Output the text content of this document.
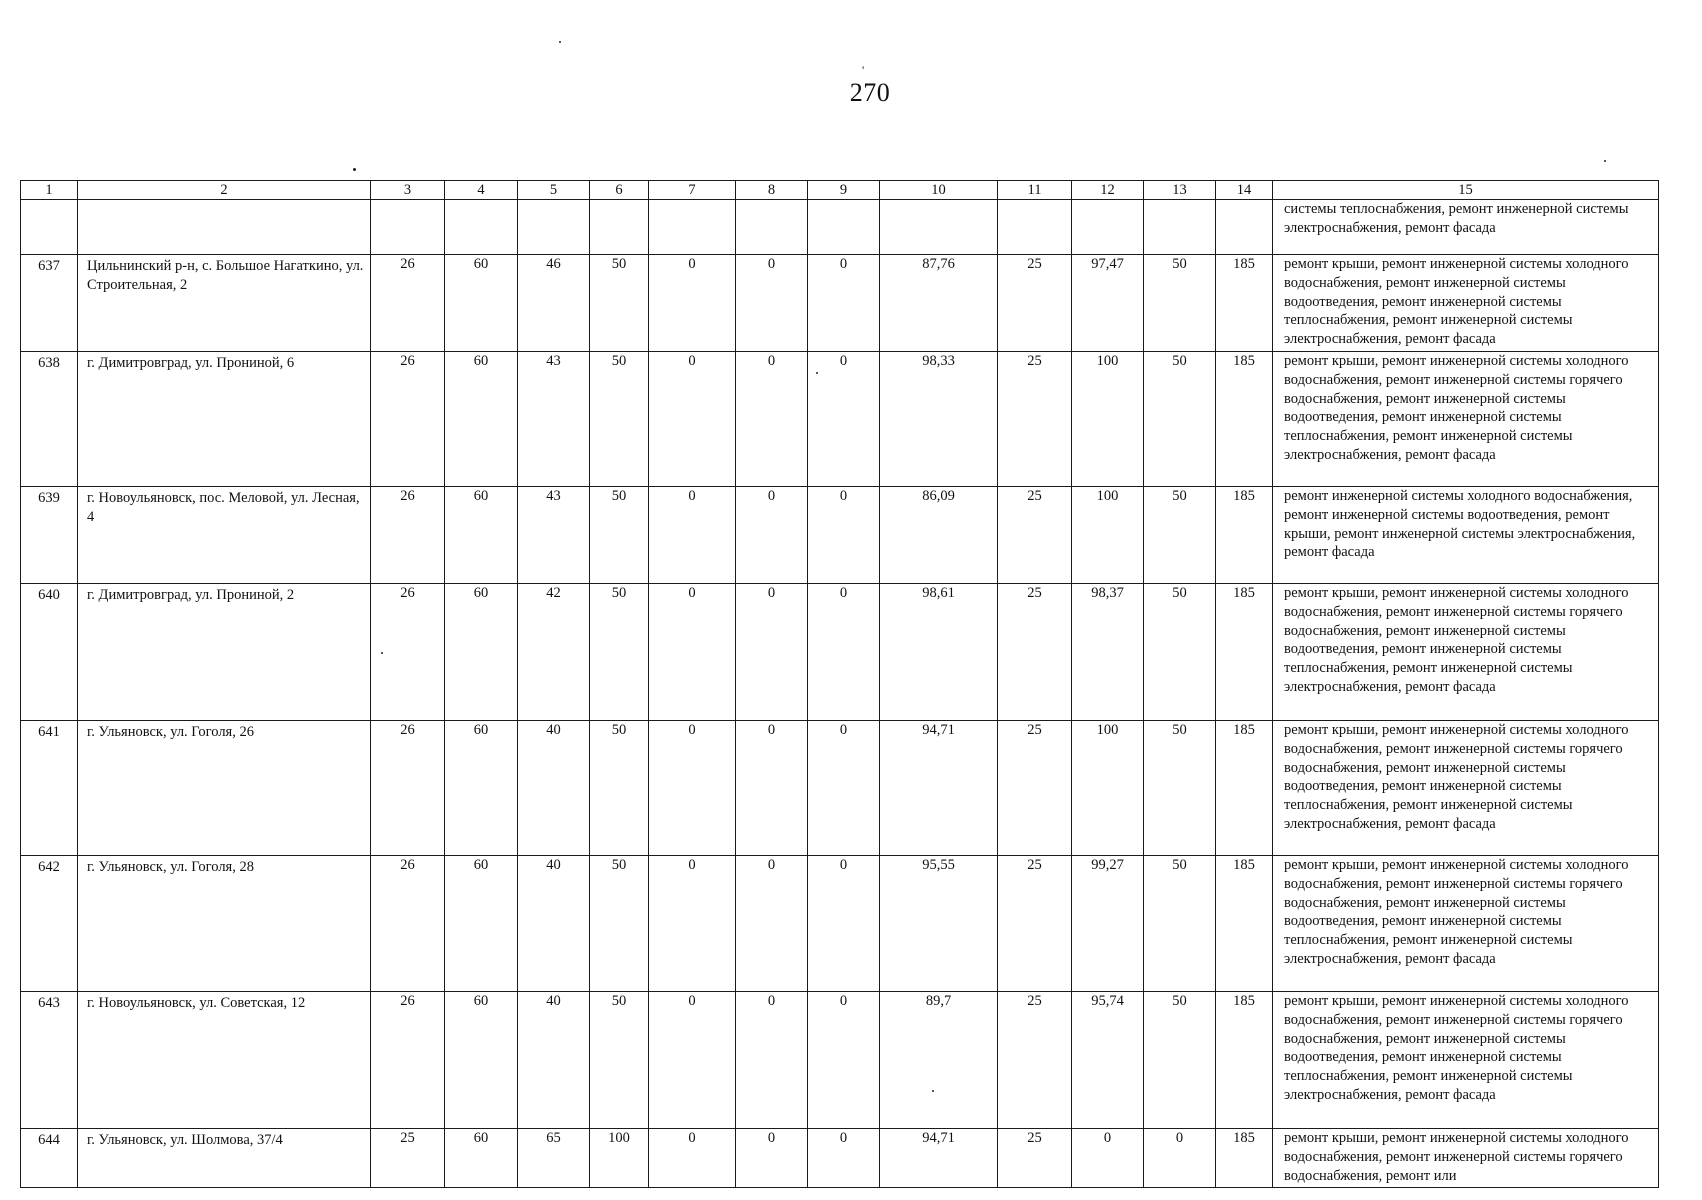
270
'
1	2	3	4	5	6	7	8	9	10	11	12	13	14	15
														системы теплоснабжения, ремонт инженерной системы электроснабжения, ремонт фасада
637	Цильнинский р-н, с. Большое Нагаткино, ул. Строительная, 2	26	60	46	50	0	0	0	87,76	25	97,47	50	185	ремонт крыши, ремонт инженерной системы холодного водоснабжения, ремонт инженерной системы водоотведения, ремонт инженерной системы теплоснабжения, ремонт инженерной системы электроснабжения, ремонт фасада
638	г. Димитровград, ул. Прониной, 6	26	60	43	50	0	0	0	98,33	25	100	50	185	ремонт крыши, ремонт инженерной системы холодного водоснабжения, ремонт инженерной системы горячего водоснабжения, ремонт инженерной системы водоотведения, ремонт инженерной системы теплоснабжения, ремонт инженерной системы электроснабжения, ремонт фасада
639	г. Новоульяновск, пос. Меловой, ул. Лесная, 4	26	60	43	50	0	0	0	86,09	25	100	50	185	ремонт инженерной системы холодного водоснабжения, ремонт инженерной системы водоотведения, ремонт крыши, ремонт инженерной системы электроснабжения, ремонт фасада
640	г. Димитровград, ул. Прониной, 2	26	60	42	50	0	0	0	98,61	25	98,37	50	185	ремонт крыши, ремонт инженерной системы холодного водоснабжения, ремонт инженерной системы горячего водоснабжения, ремонт инженерной системы водоотведения, ремонт инженерной системы теплоснабжения, ремонт инженерной системы электроснабжения, ремонт фасада
641	г. Ульяновск, ул. Гоголя, 26	26	60	40	50	0	0	0	94,71	25	100	50	185	ремонт крыши, ремонт инженерной системы холодного водоснабжения, ремонт инженерной системы горячего водоснабжения, ремонт инженерной системы водоотведения, ремонт инженерной системы теплоснабжения, ремонт инженерной системы электроснабжения, ремонт фасада
642	г. Ульяновск, ул. Гоголя, 28	26	60	40	50	0	0	0	95,55	25	99,27	50	185	ремонт крыши, ремонт инженерной системы холодного водоснабжения, ремонт инженерной системы горячего водоснабжения, ремонт инженерной системы водоотведения, ремонт инженерной системы теплоснабжения, ремонт инженерной системы электроснабжения, ремонт фасада
643	г. Новоульяновск, ул. Советская, 12	26	60	40	50	0	0	0	89,7	25	95,74	50	185	ремонт крыши, ремонт инженерной системы холодного водоснабжения, ремонт инженерной системы горячего водоснабжения, ремонт инженерной системы водоотведения, ремонт инженерной системы теплоснабжения, ремонт инженерной системы электроснабжения, ремонт фасада
644	г. Ульяновск, ул. Шолмова, 37/4	25	60	65	100	0	0	0	94,71	25	0	0	185	ремонт крыши, ремонт инженерной системы холодного водоснабжения, ремонт инженерной системы горячего водоснабжения, ремонт или
